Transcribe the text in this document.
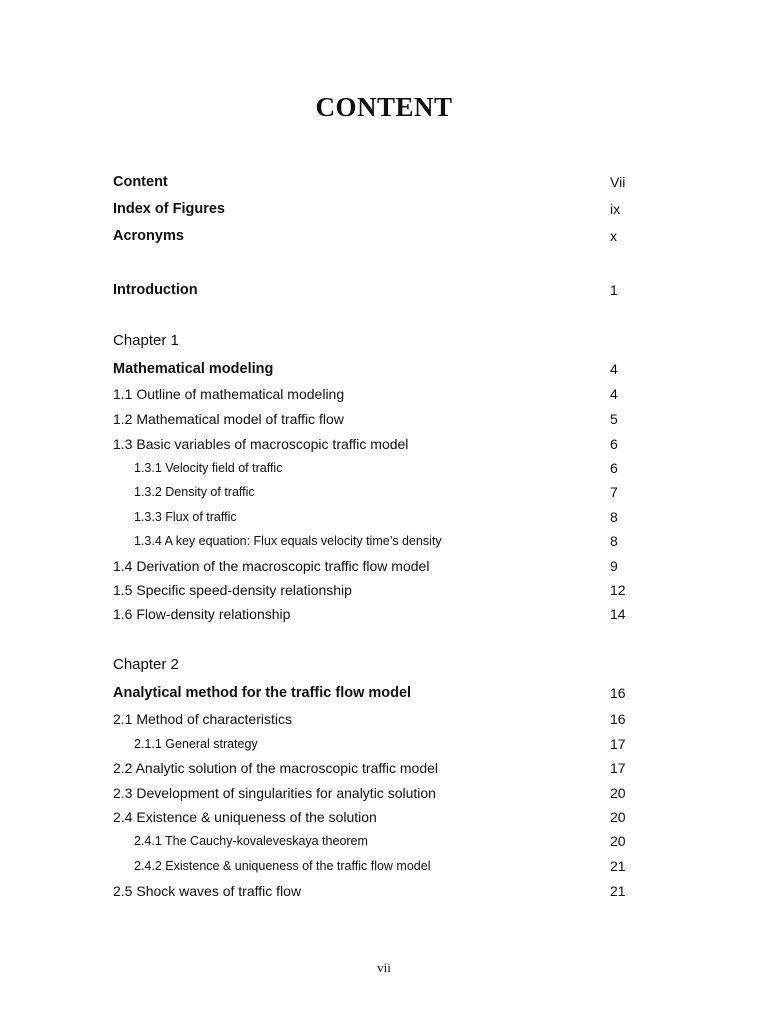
CONTENT
Content	Vii
Index of Figures	ix
Acronyms	x
Introduction	1
Chapter 1
Mathematical modeling	4
1.1 Outline of mathematical modeling	4
1.2 Mathematical model of traffic flow	5
1.3 Basic variables of macroscopic traffic model	6
1.3.1 Velocity field of traffic	6
1.3.2 Density of traffic	7
1.3.3 Flux of traffic	8
1.3.4 A key equation: Flux equals velocity time’s density	8
1.4 Derivation of the macroscopic traffic flow model	9
1.5 Specific speed-density relationship	12
1.6 Flow-density relationship	14
Chapter 2
Analytical method for the traffic flow model	16
2.1 Method of characteristics	16
2.1.1 General strategy	17
2.2 Analytic solution of the macroscopic traffic model	17
2.3 Development of singularities for analytic solution	20
2.4 Existence & uniqueness of the solution	20
2.4.1 The Cauchy-kovaleveskaya theorem	20
2.4.2 Existence & uniqueness of the traffic flow model	21
2.5 Shock waves of traffic flow	21
vii
